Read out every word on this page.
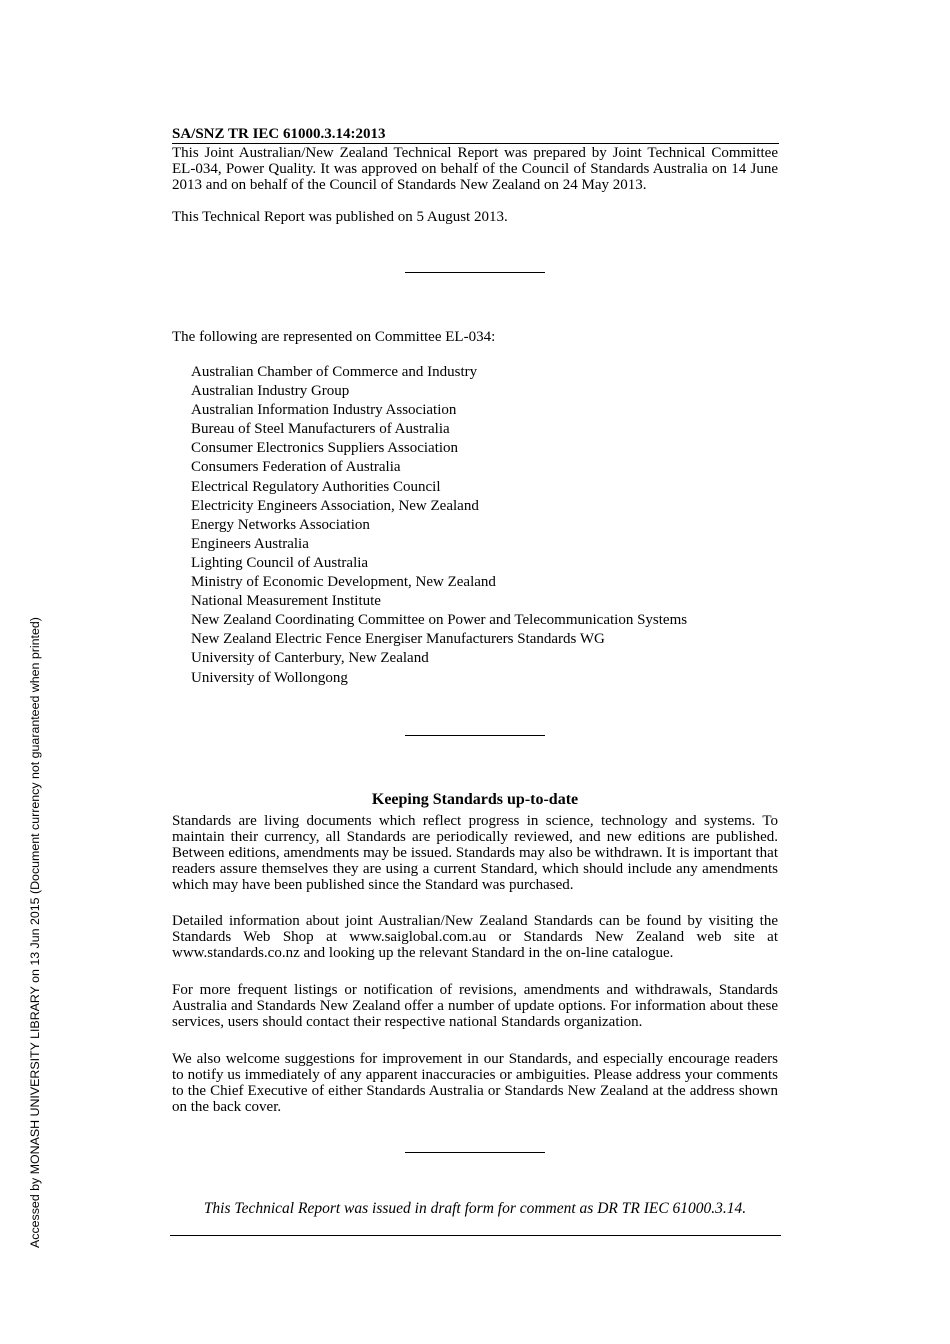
SA/SNZ TR IEC 61000.3.14:2013

This Joint Australian/New Zealand Technical Report was prepared by Joint Technical Committee EL-034, Power Quality. It was approved on behalf of the Council of Standards Australia on 14 June 2013 and on behalf of the Council of Standards New Zealand on 24 May 2013.

This Technical Report was published on 5 August 2013.

The following are represented on Committee EL-034:

Australian Chamber of Commerce and Industry
Australian Industry Group
Australian Information Industry Association
Bureau of Steel Manufacturers of Australia
Consumer Electronics Suppliers Association
Consumers Federation of Australia
Electrical Regulatory Authorities Council
Electricity Engineers Association, New Zealand
Energy Networks Association
Engineers Australia
Lighting Council of Australia
Ministry of Economic Development, New Zealand
National Measurement Institute
New Zealand Coordinating Committee on Power and Telecommunication Systems
New Zealand Electric Fence Energiser Manufacturers Standards WG
University of Canterbury, New Zealand
University of Wollongong
Keeping Standards up-to-date

Standards are living documents which reflect progress in science, technology and systems. To maintain their currency, all Standards are periodically reviewed, and new editions are published. Between editions, amendments may be issued. Standards may also be withdrawn. It is important that readers assure themselves they are using a current Standard, which should include any amendments which may have been published since the Standard was purchased.

Detailed information about joint Australian/New Zealand Standards can be found by visiting the Standards Web Shop at www.saiglobal.com.au or Standards New Zealand web site at www.standards.co.nz and looking up the relevant Standard in the on-line catalogue.

For more frequent listings or notification of revisions, amendments and withdrawals, Standards Australia and Standards New Zealand offer a number of update options. For information about these services, users should contact their respective national Standards organization.

We also welcome suggestions for improvement in our Standards, and especially encourage readers to notify us immediately of any apparent inaccuracies or ambiguities. Please address your comments to the Chief Executive of either Standards Australia or Standards New Zealand at the address shown on the back cover.

This Technical Report was issued in draft form for comment as DR TR IEC 61000.3.14.

Accessed by MONASH UNIVERSITY LIBRARY on 13 Jun 2015 (Document currency not guaranteed when printed)
